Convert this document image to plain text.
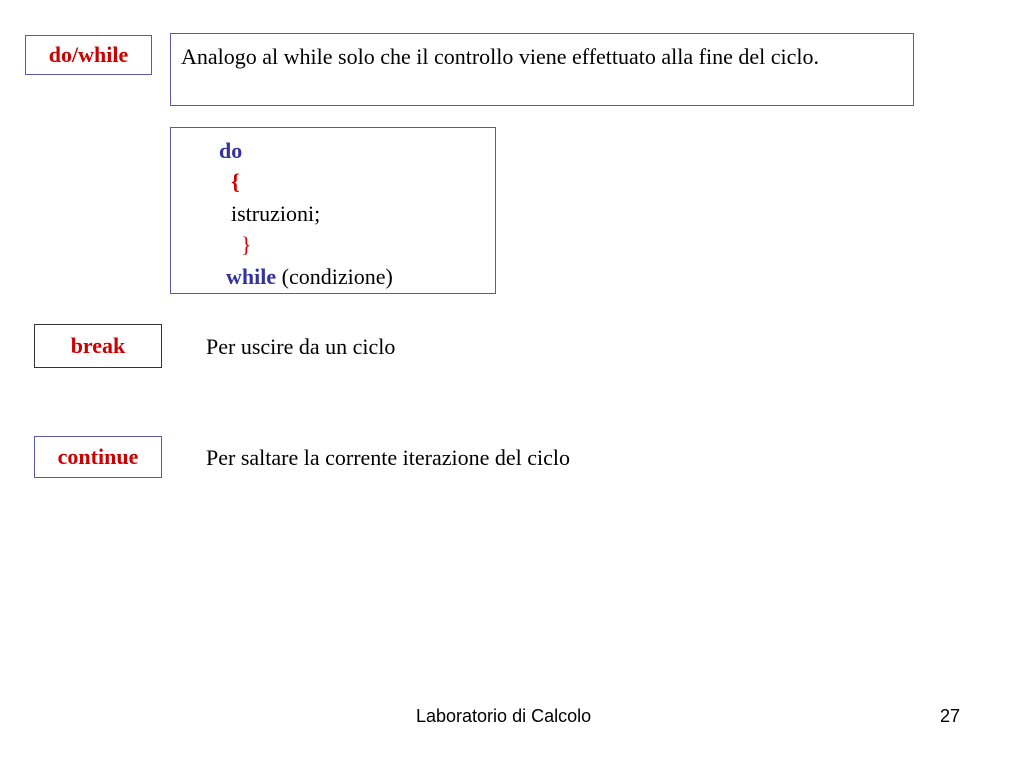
do/while	Analogo al while solo che il controllo viene effettuato alla fine del ciclo.
do
{
istruzioni;
}
while (condizione)
break	Per uscire da un ciclo
continue	Per saltare la corrente iterazione del ciclo
Laboratorio di Calcolo	27
